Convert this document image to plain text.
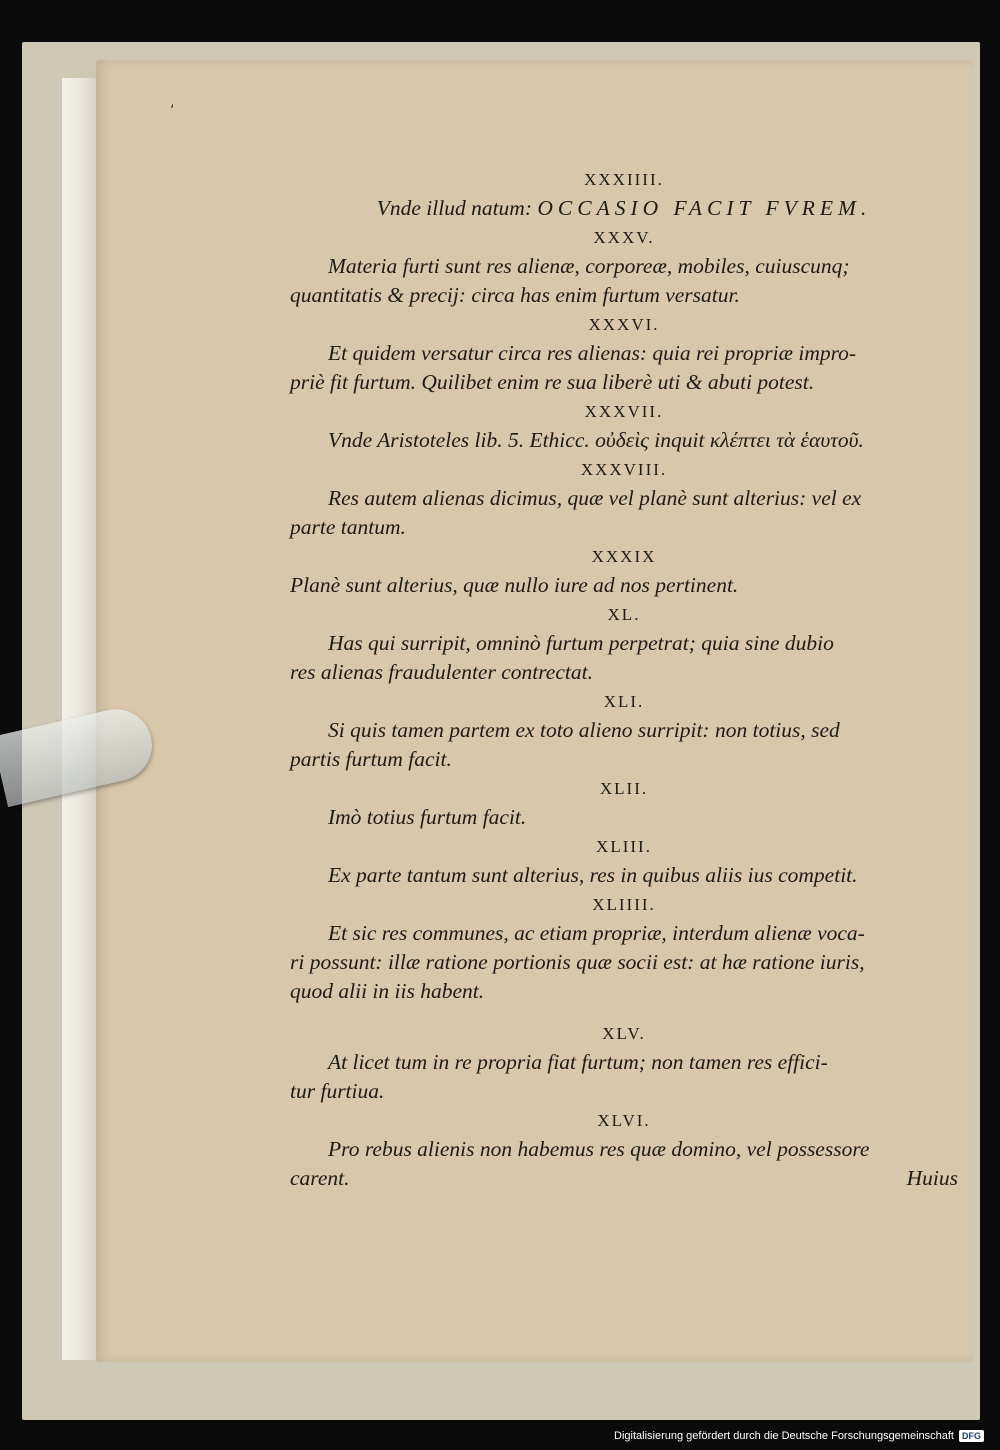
⸲
XXXIIII.
Vnde illud natum: OCCASIO FACIT FVREM.
XXXV.
Materia furti sunt res alienæ, corporeæ, mobiles, cuiuscunq;
quantitatis & precij: circa has enim furtum versatur.
XXXVI.
Et quidem versatur circa res alienas: quia rei propriæ impro-
priè fit furtum. Quilibet enim re sua liberè uti & abuti potest.
XXXVII.
Vnde Aristoteles lib. 5. Ethicc. οὐδεὶς inquit κλέπτει τὰ ἑαυτοῦ.
XXXVIII.
Res autem alienas dicimus, quæ vel planè sunt alterius: vel ex
parte tantum.
XXXIX
Planè sunt alterius, quæ nullo iure ad nos pertinent.
XL.
Has qui surripit, omninò furtum perpetrat; quia sine dubio
res alienas fraudulenter contrectat.
XLI.
Si quis tamen partem ex toto alieno surripit: non totius, sed
partis furtum facit.
XLII.
Imò totius furtum facit.
XLIII.
Ex parte tantum sunt alterius, res in quibus aliis ius competit.
XLIIII.
Et sic res communes, ac etiam propriæ, interdum alienæ voca-
ri possunt: illæ ratione portionis quæ socii est: at hæ ratione iuris,
quod alii in iis habent.
XLV.
At licet tum in re propria fiat furtum; non tamen res effici-
tur furtiua.
XLVI.
Pro rebus alienis non habemus res quæ domino, vel possessore
carent.	Huius
Digitalisierung gefördert durch die Deutsche Forschungsgemeinschaft DFG
